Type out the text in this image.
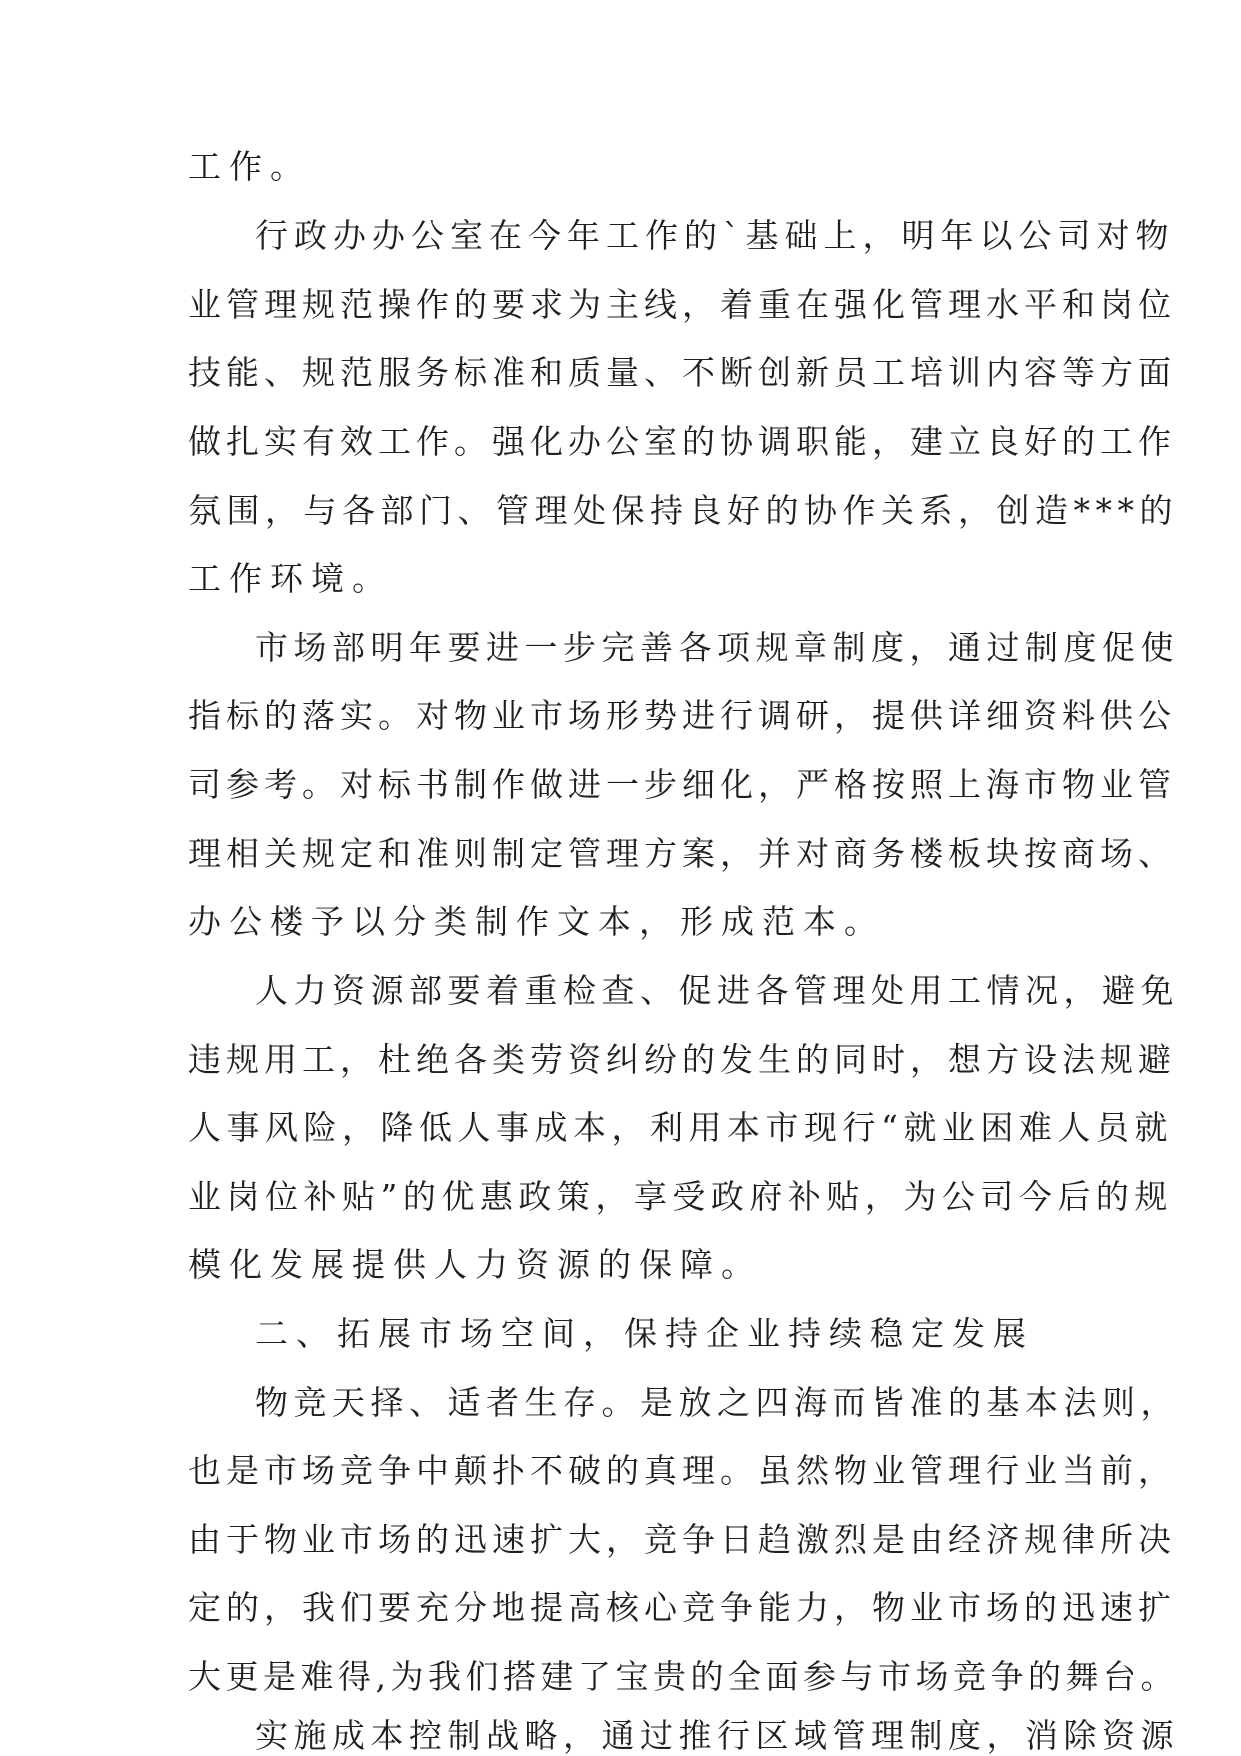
工作。
行政办办公室在今年工作的`基础上，明年以公司对物
业管理规范操作的要求为主线，着重在强化管理水平和岗位
技能、规范服务标准和质量、不断创新员工培训内容等方面
做扎实有效工作。强化办公室的协调职能，建立良好的工作
氛围，与各部门、管理处保持良好的协作关系，创造***的
工作环境。
市场部明年要进一步完善各项规章制度，通过制度促使
指标的落实。对物业市场形势进行调研，提供详细资料供公
司参考。对标书制作做进一步细化，严格按照上海市物业管
理相关规定和准则制定管理方案，并对商务楼板块按商场、
办公楼予以分类制作文本，形成范本。
人力资源部要着重检查、促进各管理处用工情况，避免
违规用工，杜绝各类劳资纠纷的发生的同时，想方设法规避
人事风险，降低人事成本，利用本市现行“就业困难人员就
业岗位补贴”的优惠政策，享受政府补贴，为公司今后的规
模化发展提供人力资源的保障。
二、拓展市场空间，保持企业持续稳定发展
物竞天择、适者生存。是放之四海而皆准的基本法则，
也是市场竞争中颠扑不破的真理。虽然物业管理行业当前，
由于物业市场的迅速扩大，竞争日趋激烈是由经济规律所决
定的，我们要充分地提高核心竞争能力，物业市场的迅速扩
大更是难得,为我们搭建了宝贵的全面参与市场竞争的舞台。
实施成本控制战略，通过推行区域管理制度，消除资源
